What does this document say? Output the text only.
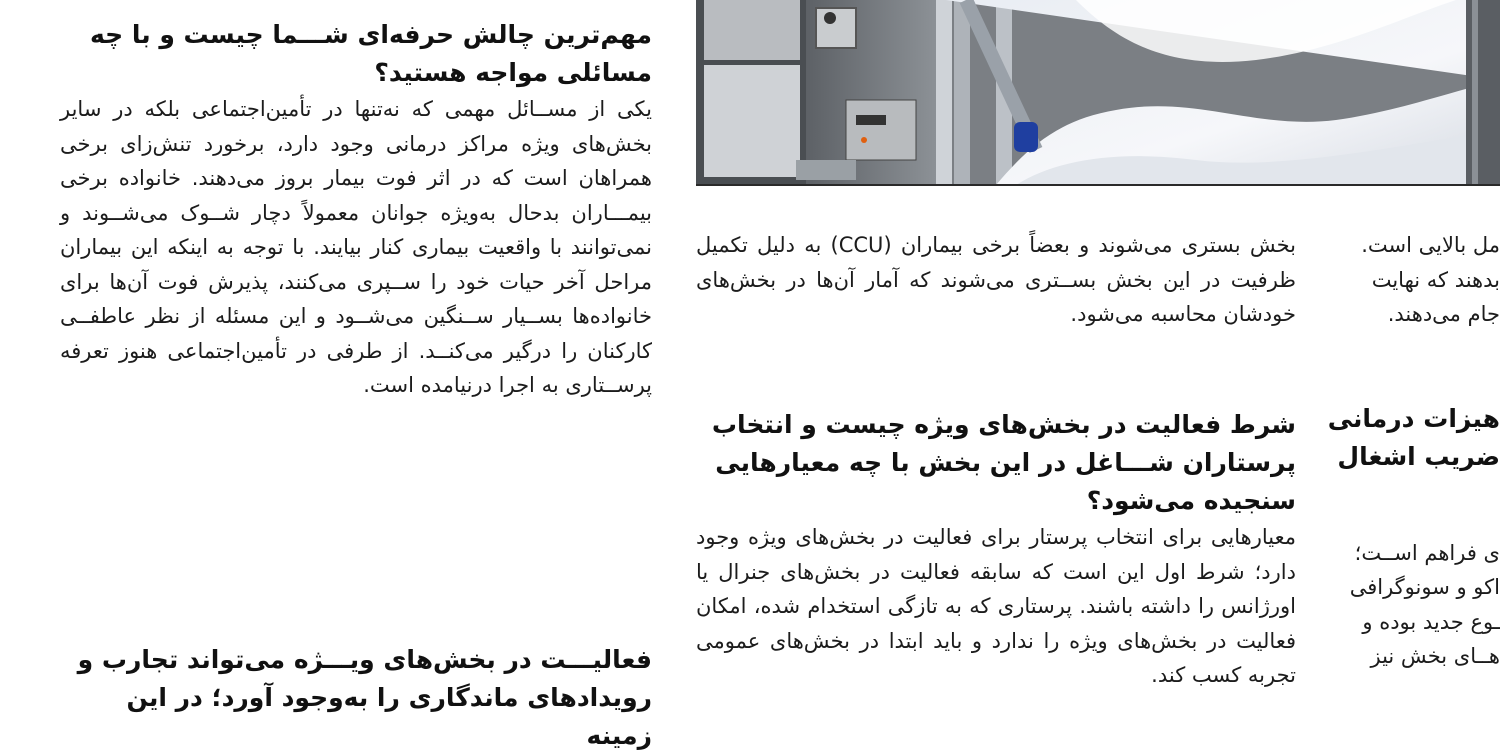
مهم‌ترین چالش حرفه‌ای شـــما چیست و با چه مسائلی مواجه هستید؟

یکی از مســائل مهمی که نه‌تنها در تأمین‌اجتماعی بلکه در سایر بخش‌های ویژه مراکز درمانی وجود دارد، برخورد تنش‌زای برخی همراهان است که در اثر فوت بیمار بروز می‌دهند. خانواده برخی بیمـــاران بدحال به‌ویژه جوانان معمولاً دچار شــوک می‌شــوند و نمی‌توانند با واقعیت بیماری کنار بیایند. با توجه به اینکه این بیماران مراحل آخر حیات خود را ســپری می‌کنند، پذیرش فوت آن‌ها برای خانواده‌ها بســیار ســنگین می‌شــود و این مسئله از نظر عاطفــی کارکنان را درگیر می‌کنــد. از طرفی در تأمین‌اجتماعی هنوز تعرفه پرســتاری به اجرا درنیامده است.

فعالیـــت در بخش‌های ویـــژه می‌تواند تجارب و رویدادهای ماندگاری را به‌وجود آورد؛ در این زمینه

بخش بستری می‌شوند و بعضاً برخی بیماران (CCU) به دلیل تکمیل ظرفیت در این بخش بســتری می‌شوند که آمار آن‌ها در بخش‌های خودشان محاسبه می‌شود.

شرط فعالیت در بخش‌های ویژه چیست و انتخاب پرستاران شـــاغل در این بخش با چه معیارهایی سنجیده می‌شود؟

معیارهایی برای انتخاب پرستار برای فعالیت در بخش‌های ویژه وجود دارد؛ شرط اول این است که سابقه فعالیت در بخش‌های جنرال یا اورژانس را داشته باشند. پرستاری که به تازگی استخدام شده، امکان فعالیت در بخش‌های ویژه را ندارد و باید ابتدا در بخش‌های عمومی تجربه کسب کند.

مل بالایی است.

بدهند که نهایت

جام می‌دهند.

هیزات درمانی

ضریب اشغال

ی فراهم اســت؛

اکو و سونوگرافی

ـوع جدید بوده و

هــای بخش نیز
